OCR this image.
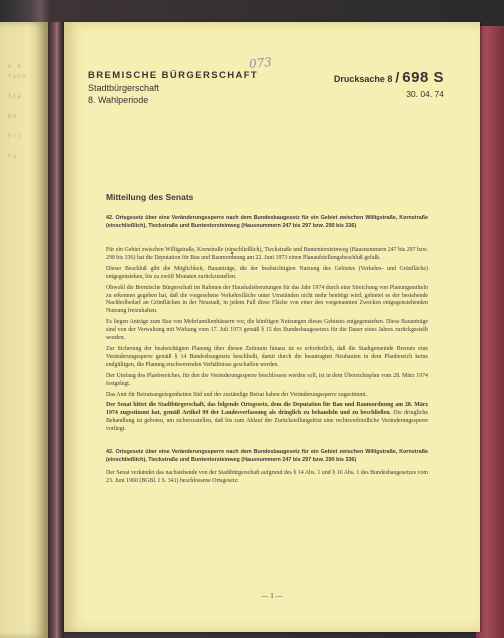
e 8
tsch
Sta
Wa
Fri
Pa

BREMISCHE BÜRGERSCHAFT

Stadtbürgerschaft

8. Wahlperiode

073

Drucksache 8 / 698 S

30. 04. 74

Mitteilung des Senats

42. Ortsgesetz über eine Veränderungssperre nach dem Bundesbaugesetz für ein Gebiet zwischen Willigstraße, Kornstraße (einschließlich), Tieckstraße und Buntentorsteinweg (Hausnummern 247 bis 297 bzw. 290 bis 336)

Für ein Gebiet zwischen Willigstraße, Kornstraße (einschließlich), Tieckstraße und Buntentorsteinweg (Hausnummern 247 bis 297 bzw. 290 bis 336) hat die Deputation für Bau und Raumordnung am 22. Juni 1973 einen Planaufstellungsbeschluß gefaßt.

Dieser Beschluß gibt die Möglichkeit, Bauanträge, die der beabsichtigten Nutzung des Gebietes (Verkehrs- und Grünfläche) entgegenstehen, bis zu zwölf Monaten zurückzustellen.

Obwohl die Bremische Bürgerschaft im Rahmen der Haushaltsberatungen für das Jahr 1974 durch eine Streichung von Planungsmitteln zu erkennen gegeben hat, daß die vorgesehene Verkehrsfläche unter Umständen nicht mehr benötigt wird, gebietet es der bestehende Nachholbedarf an Grünflächen in der Neustadt, in jedem Fall diese Fläche von einer den vorgenannten Zwecken entgegenstehenden Nutzung freizuhalten.

Es liegen Anträge zum Bau von Mehrfamilienhäusern vor, die künftigen Nutzungen dieses Gebietes entgegenstehen. Diese Bauanträge sind von der Verwaltung mit Wirkung vom 17. Juli 1973 gemäß § 15 des Bundesbaugesetzes für die Dauer eines Jahres zurückgestellt worden.

Zur Sicherung der beabsichtigten Planung über diesen Zeitraum hinaus ist es erforderlich, daß die Stadtgemeinde Bremen eine Veränderungssperre gemäß § 14 Bundesbaugesetz beschließt, damit durch die beantragten Neubauten in dem Planbereich keine endgültigen, die Planung erschwerenden Verhältnisse geschaffen werden.

Der Umfang des Planbereiches, für den die Veränderungssperre beschlossen werden soll, ist in dem Übersichtsplan vom 28. März 1974 festgelegt.

Das Amt für Beiratsangelegenheiten Süd und der zuständige Beirat haben der Veränderungssperre zugestimmt.

Der Senat bittet die Stadtbürgerschaft, das folgende Ortsgesetz, dem die Deputation für Bau und Raumordnung am 28. März 1974 zugestimmt hat, gemäß Artikel 99 der Landesverfassung als dringlich zu behandeln und zu beschließen. Die dringliche Behandlung ist geboten, um sicherzustellen, daß bis zum Ablauf der Zurückstellungsfrist eine rechtsverbindliche Veränderungssperre vorliegt.

42. Ortsgesetz über eine Veränderungssperre nach dem Bundesbaugesetz für ein Gebiet zwischen Willigstraße, Kornstraße (einschließlich), Tieckstraße und Buntentorsteinweg (Hausnummern 247 bis 297 bzw. 290 bis 336)

Der Senat verkündet das nachstehende von der Stadtbürgerschaft aufgrund des § 14 Abs. 1 und § 16 Abs. 1 des Bundesbaugesetzes vom 23. Juni 1960 (BGBl. I S. 341) beschlossene Ortsgesetz:

— 1 —
